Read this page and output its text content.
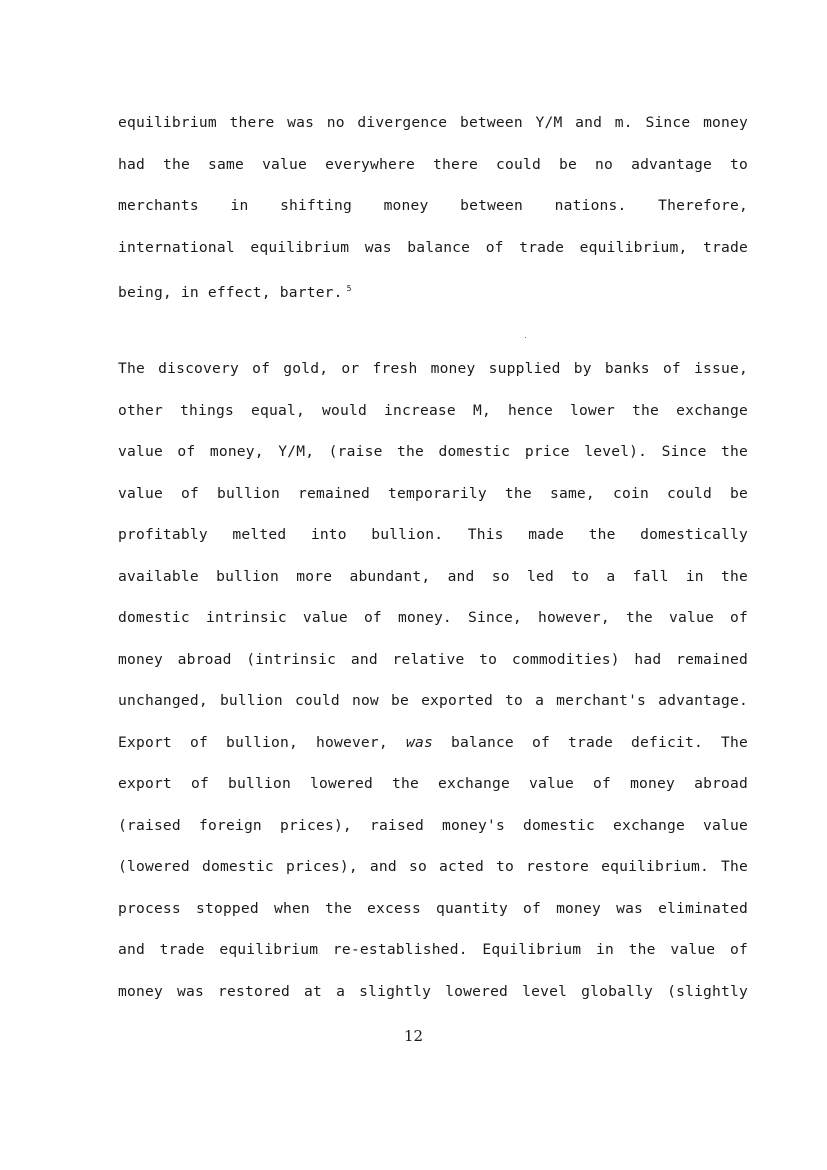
equilibrium there was no divergence between Y/M and m. Since money
had the same value everywhere there could be no advantage to
merchants in shifting money between nations. Therefore,
international equilibrium was balance of trade equilibrium, trade
being, in effect, barter. $^5$
The discovery of gold, or fresh money supplied by banks of issue,
other things equal, would increase M, hence lower the exchange
value of money, Y/M, (raise the domestic price level). Since the
value of bullion remained temporarily the same, coin could be
profitably melted into bullion. This made the domestically
available bullion more abundant, and so led to a fall in the
domestic intrinsic value of money. Since, however, the value of
money abroad (intrinsic and relative to commodities) had remained
unchanged, bullion could now be exported to a merchant's advantage.
Export of bullion, however, was balance of trade deficit. The
export of bullion lowered the exchange value of money abroad
(raised foreign prices), raised money's domestic exchange value
(lowered domestic prices), and so acted to restore equilibrium. The
process stopped when the excess quantity of money was eliminated
and trade equilibrium re-established. Equilibrium in the value of
money was restored at a slightly lowered level globally (slightly
12
